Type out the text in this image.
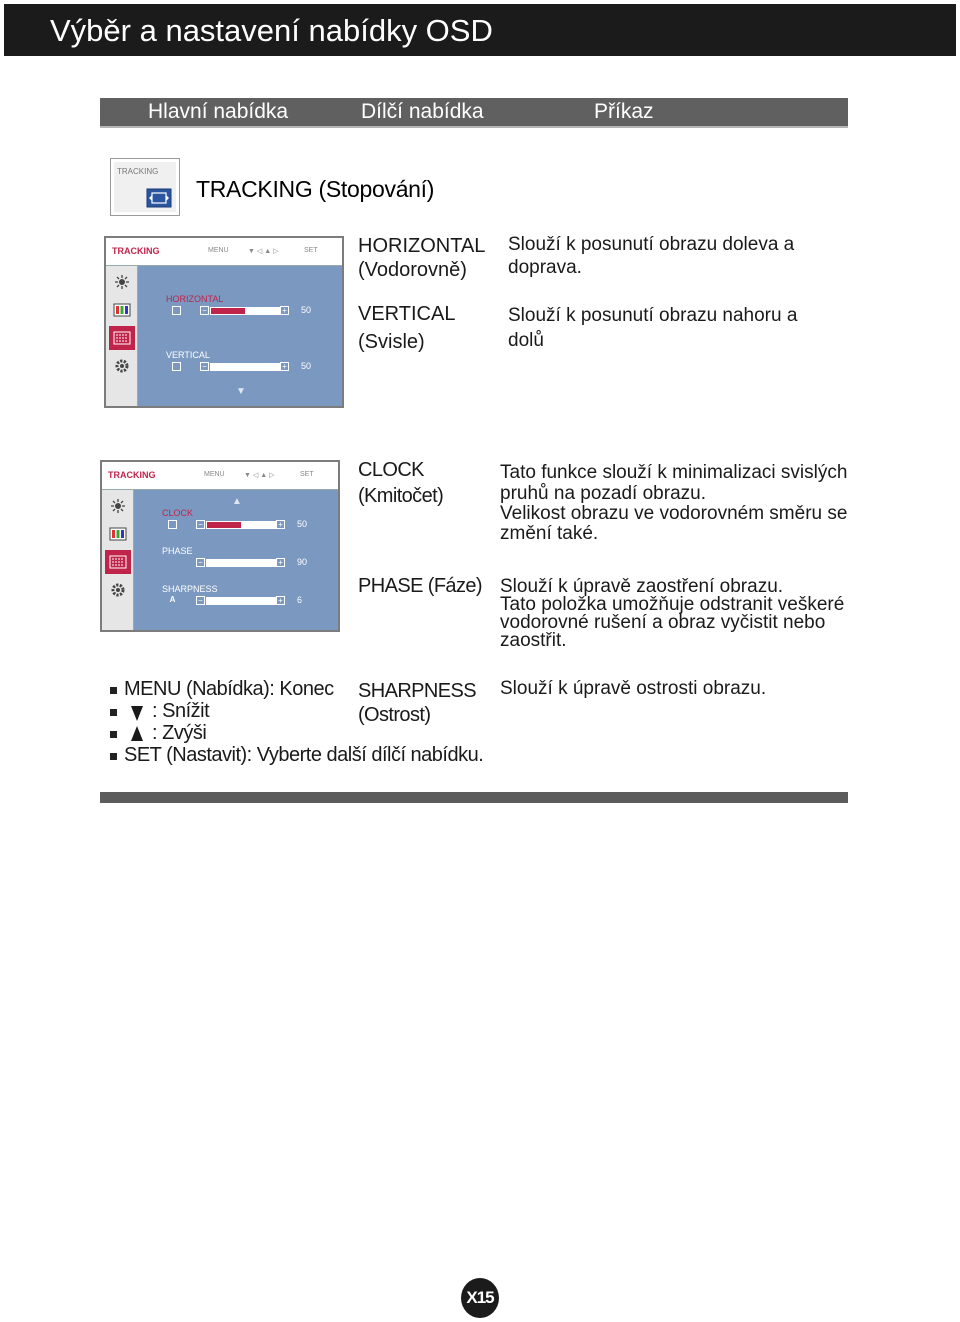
Výběr a nastavení nabídky OSD
Hlavní nabídka	Dílčí nabídka	Příkaz
TRACKING
TRACKING (Stopování)
TRACKING	MENU	▼ ◁ ▲ ▷	SET
HORIZONTAL
−	+ 50
VERTICAL
−	+ 50
▼
HORIZONTAL
(Vodorovně)
Slouží k posunutí obrazu doleva a
doprava.
VERTICAL
(Svisle)
Slouží k posunutí obrazu nahoru a
dolů
TRACKING	MENU	▼ ◁ ▲ ▷	SET
▲
CLOCK
−	+ 50
PHASE
−	+ 90
SHARPNESS
A	−	+ 6
CLOCK
(Kmitočet)
Tato funkce slouží k minimalizaci svislých
pruhů na pozadí obrazu.
Velikost obrazu ve vodorovném směru se
změní také.
PHASE (Fáze) Slouží k úpravě zaostření obrazu.
Tato položka umožňuje odstranit veškeré
vodorovné rušení a obraz vyčistit nebo
zaostřit.
SHARPNESS
(Ostrost)
Slouží k úpravě ostrosti obrazu.
MENU (Nabídka): Konec
: Snížit
: Zvýši
SET (Nastavit): Vyberte další dílčí nabídku.
X15
